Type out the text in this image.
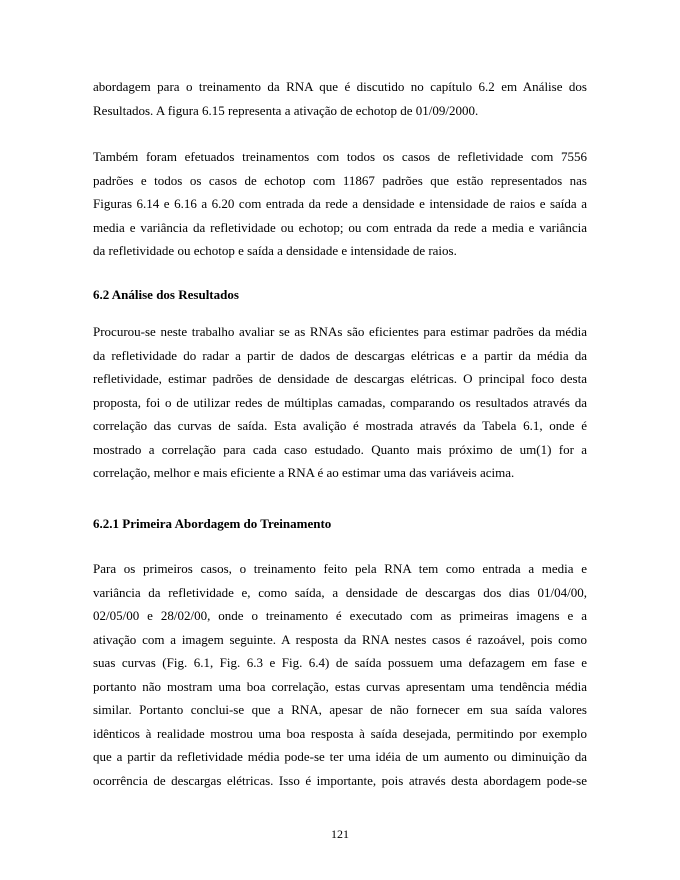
abordagem para o treinamento da RNA que é discutido no capítulo 6.2 em Análise dos
Resultados. A figura 6.15 representa a ativação de echotop de 01/09/2000.
Também foram efetuados treinamentos com todos os casos de refletividade com 7556
padrões e todos os casos de echotop com 11867 padrões que estão representados nas
Figuras 6.14 e 6.16 a 6.20 com entrada da rede a densidade e intensidade de raios e saída a
media e variância da refletividade ou echotop; ou com entrada da rede a media e variância
da refletividade ou echotop e saída a densidade e intensidade de raios.
6.2 Análise dos Resultados
Procurou-se neste trabalho avaliar se as RNAs são eficientes para estimar padrões da média
da refletividade do radar a partir de dados de descargas elétricas e a partir da média da
refletividade, estimar padrões de densidade de descargas elétricas. O principal foco desta
proposta, foi o de utilizar redes de múltiplas camadas, comparando os resultados através da
correlação das curvas de saída. Esta avalição é mostrada através da Tabela 6.1, onde é
mostrado a correlação para cada caso estudado. Quanto mais próximo de um(1) for a
correlação, melhor e mais eficiente a RNA é ao estimar uma das variáveis acima.
6.2.1 Primeira Abordagem do Treinamento
Para os primeiros casos, o treinamento feito pela RNA tem como entrada a media e
variância da refletividade e, como saída, a densidade de descargas dos dias 01/04/00,
02/05/00 e 28/02/00, onde o treinamento é executado com as primeiras imagens e a
ativação com a imagem seguinte. A resposta da RNA nestes casos é razoável, pois como
suas curvas (Fig. 6.1, Fig. 6.3 e Fig. 6.4) de saída possuem uma defazagem em fase e
portanto não mostram uma boa correlação, estas curvas apresentam uma tendência média
similar. Portanto conclui-se que a RNA, apesar de não fornecer em sua saída valores
idênticos à realidade mostrou uma boa resposta à saída desejada, permitindo por exemplo
que a partir da refletividade média pode-se ter uma idéia de um aumento ou diminuição da
ocorrência de descargas elétricas. Isso é importante, pois através desta abordagem pode-se
121
